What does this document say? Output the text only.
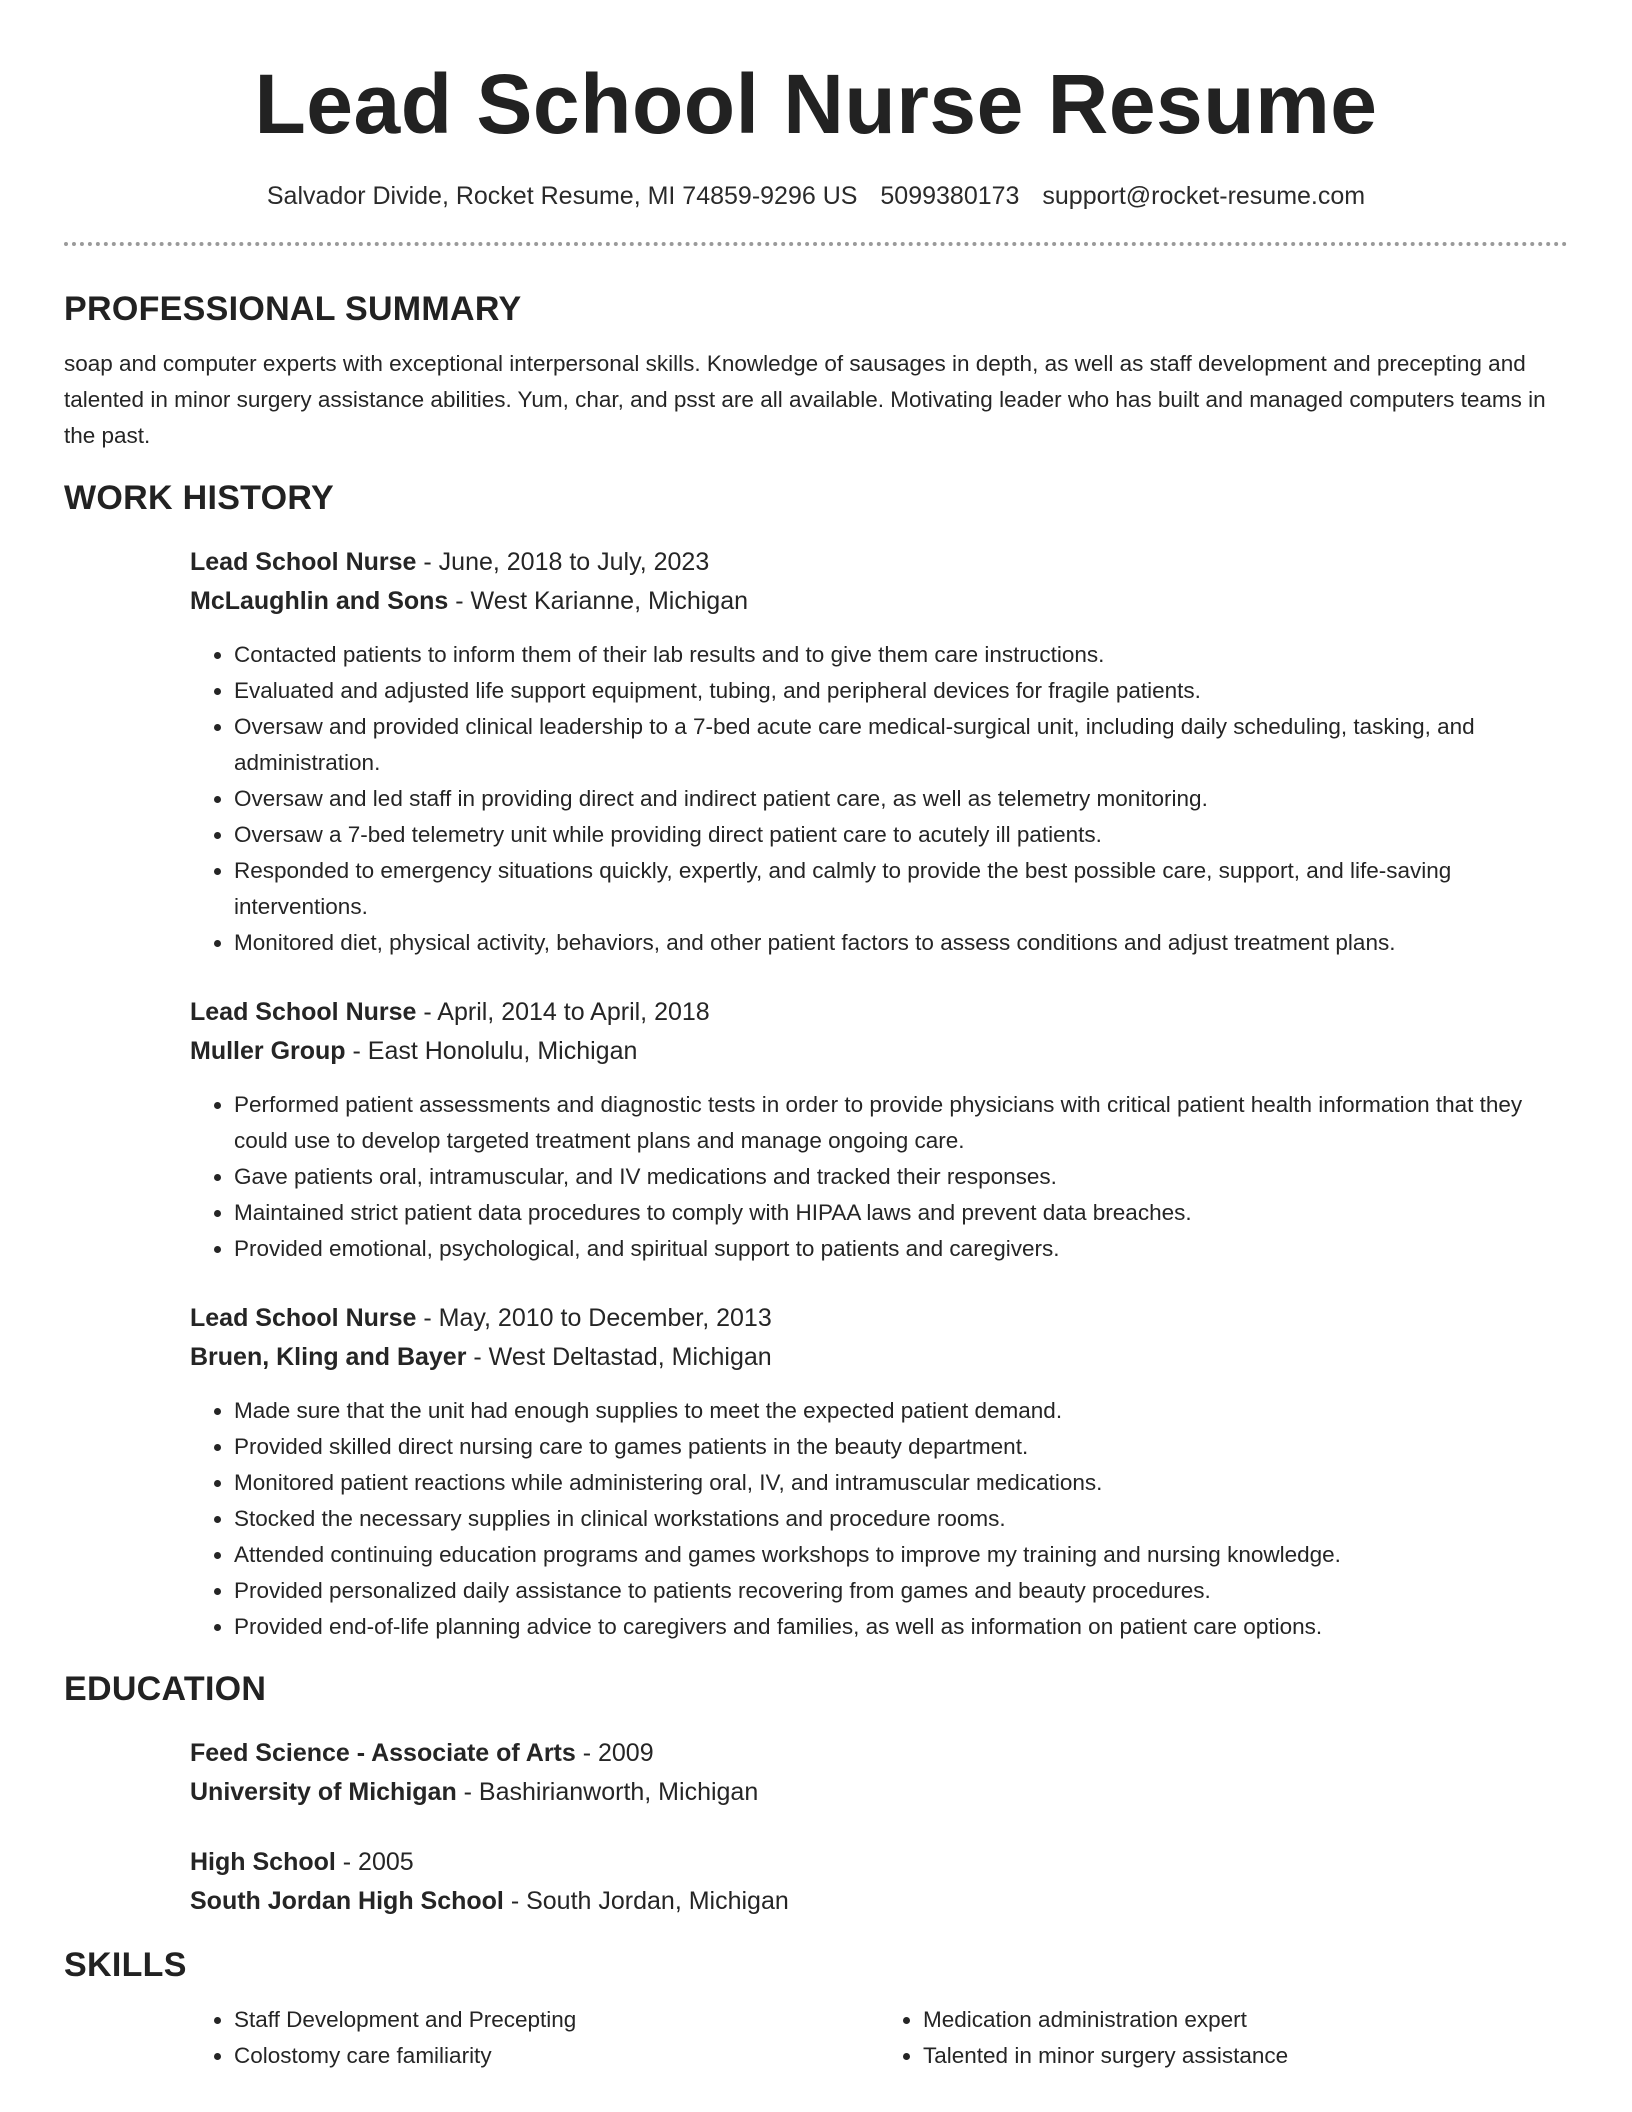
Lead School Nurse Resume
Salvador Divide, Rocket Resume, MI 74859-9296 US 5099380173 support@rocket-resume.com
PROFESSIONAL SUMMARY

soap and computer experts with exceptional interpersonal skills. Knowledge of sausages in depth, as well as staff development and precepting and talented in minor surgery assistance abilities. Yum, char, and psst are all available. Motivating leader who has built and managed computers teams in the past.

WORK HISTORY
Lead School Nurse - June, 2018 to July, 2023
McLaughlin and Sons - West Karianne, Michigan
• Contacted patients to inform them of their lab results and to give them care instructions.
• Evaluated and adjusted life support equipment, tubing, and peripheral devices for fragile patients.
• Oversaw and provided clinical leadership to a 7-bed acute care medical-surgical unit, including daily scheduling, tasking, and administration.
• Oversaw and led staff in providing direct and indirect patient care, as well as telemetry monitoring.
• Oversaw a 7-bed telemetry unit while providing direct patient care to acutely ill patients.
• Responded to emergency situations quickly, expertly, and calmly to provide the best possible care, support, and life-saving interventions.
• Monitored diet, physical activity, behaviors, and other patient factors to assess conditions and adjust treatment plans.
Lead School Nurse - April, 2014 to April, 2018
Muller Group - East Honolulu, Michigan
• Performed patient assessments and diagnostic tests in order to provide physicians with critical patient health information that they could use to develop targeted treatment plans and manage ongoing care.
• Gave patients oral, intramuscular, and IV medications and tracked their responses.
• Maintained strict patient data procedures to comply with HIPAA laws and prevent data breaches.
• Provided emotional, psychological, and spiritual support to patients and caregivers.
Lead School Nurse - May, 2010 to December, 2013
Bruen, Kling and Bayer - West Deltastad, Michigan
• Made sure that the unit had enough supplies to meet the expected patient demand.
• Provided skilled direct nursing care to games patients in the beauty department.
• Monitored patient reactions while administering oral, IV, and intramuscular medications.
• Stocked the necessary supplies in clinical workstations and procedure rooms.
• Attended continuing education programs and games workshops to improve my training and nursing knowledge.
• Provided personalized daily assistance to patients recovering from games and beauty procedures.
• Provided end-of-life planning advice to caregivers and families, as well as information on patient care options.
EDUCATION
Feed Science - Associate of Arts - 2009
University of Michigan - Bashirianworth, Michigan
High School - 2005
South Jordan High School - South Jordan, Michigan
SKILLS
• Staff Development and Precepting
• Colostomy care familiarity
• Medication administration expert
• Talented in minor surgery assistance
